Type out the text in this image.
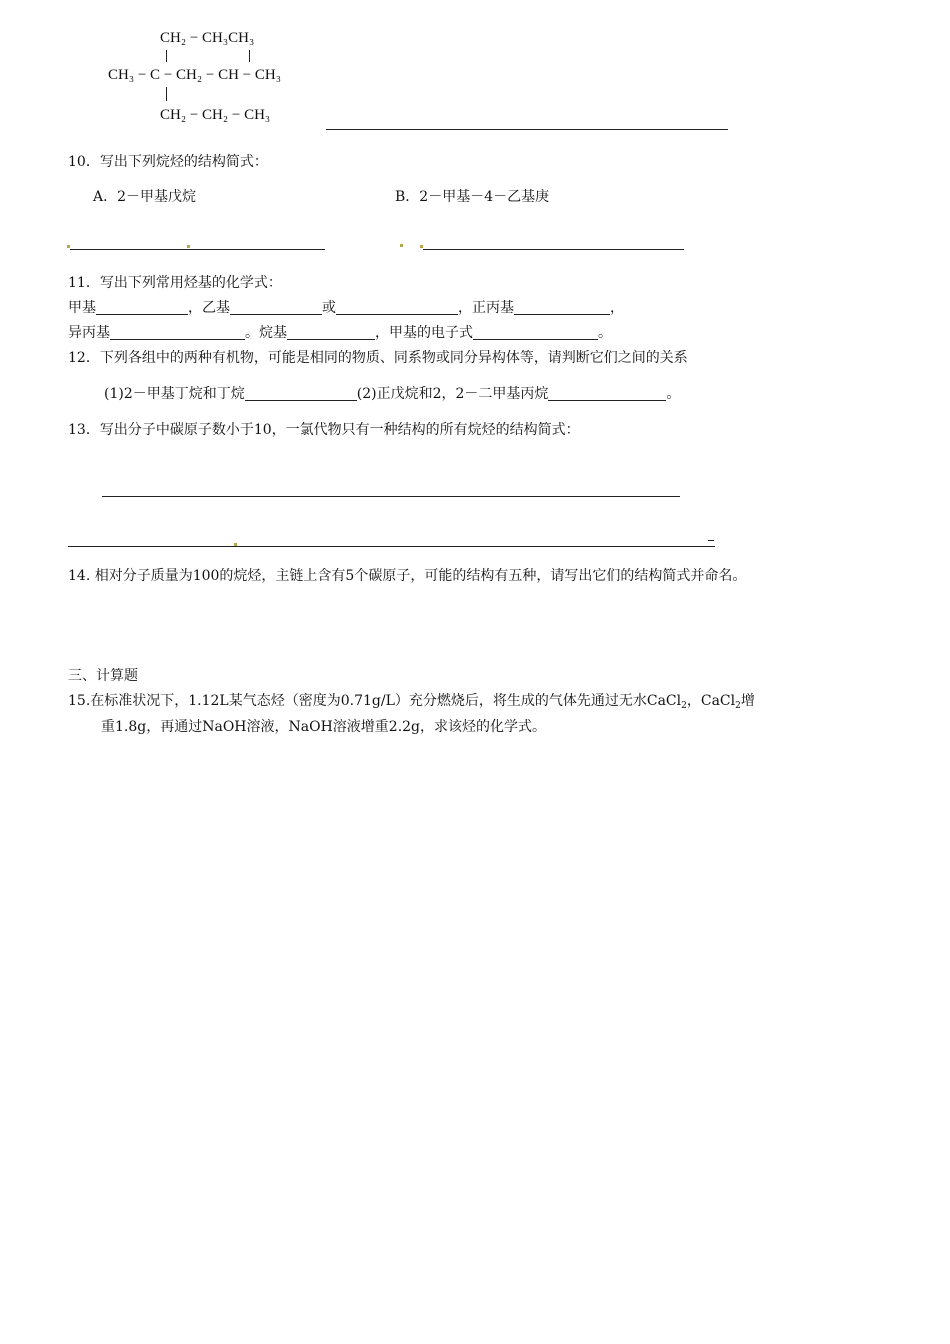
CH₂ − CH₃CH₃
CH₃ − C − CH₂ − CH − CH₃
CH₂ − CH₂ − CH₃
10．写出下列烷烃的结构简式：
A．2－甲基戊烷	B．2－甲基－4－乙基庚
11．写出下列常用烃基的化学式：
甲基	，乙基	或	，正丙基	，
异丙基	。烷基	，甲基的电子式	。
12．下列各组中的两种有机物，可能是相同的物质、同系物或同分异构体等，请判断它们之间的关系
(1)2－甲基丁烷和丁烷	(2)正戊烷和2，2－二甲基丙烷	。
13．写出分子中碳原子数小于10，一氯代物只有一种结构的所有烷烃的结构简式：
14. 相对分子质量为100的烷烃，主链上含有5个碳原子，可能的结构有五种，请写出它们的结构简式并命名。
三、计算题
15.在标准状况下，1.12L某气态烃（密度为0.71g/L）充分燃烧后，将生成的气体先通过无水CaCl$_2$，CaCl$_2$增
重1.8g，再通过NaOH溶液，NaOH溶液增重2.2g，求该烃的化学式。
